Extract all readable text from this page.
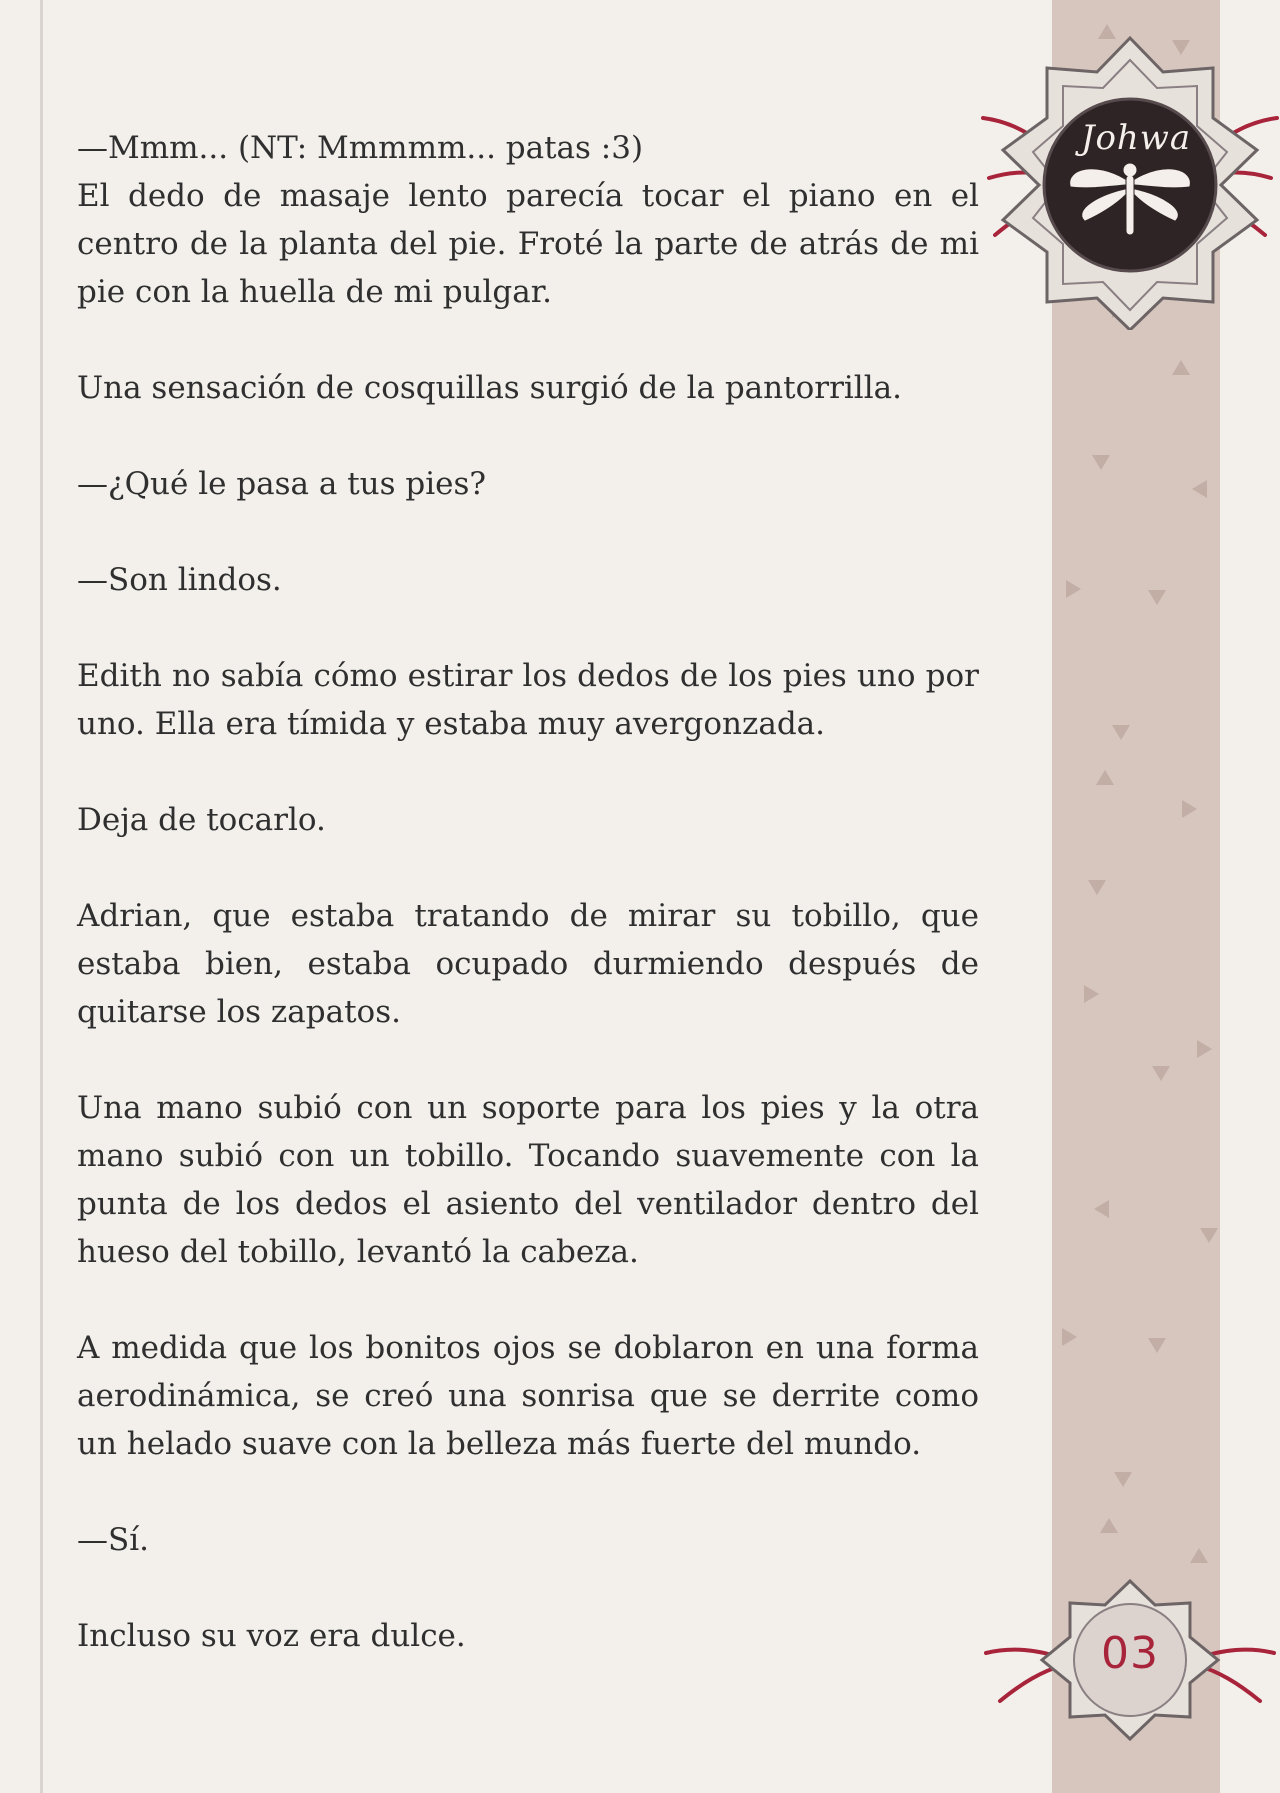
—Mmm... (NT: Mmmmm... patas :3)
El dedo de masaje lento parecía tocar el piano en el centro de la planta del pie. Froté la parte de atrás de mi pie con la huella de mi pulgar.

Una sensación de cosquillas surgió de la pantorrilla.

—¿Qué le pasa a tus pies?

—Son lindos.

Edith no sabía cómo estirar los dedos de los pies uno por uno. Ella era tímida y estaba muy avergonzada.

Deja de tocarlo.

Adrian, que estaba tratando de mirar su tobillo, que estaba bien, estaba ocupado durmiendo después de quitarse los zapatos.

Una mano subió con un soporte para los pies y la otra mano subió con un tobillo. Tocando suavemente con la punta de los dedos el asiento del ventilador dentro del hueso del tobillo, levantó la cabeza.

A medida que los bonitos ojos se doblaron en una forma aerodinámica, se creó una sonrisa que se derrite como un helado suave con la belleza más fuerte del mundo.

—Sí.

Incluso su voz era dulce.

Johwa
03
